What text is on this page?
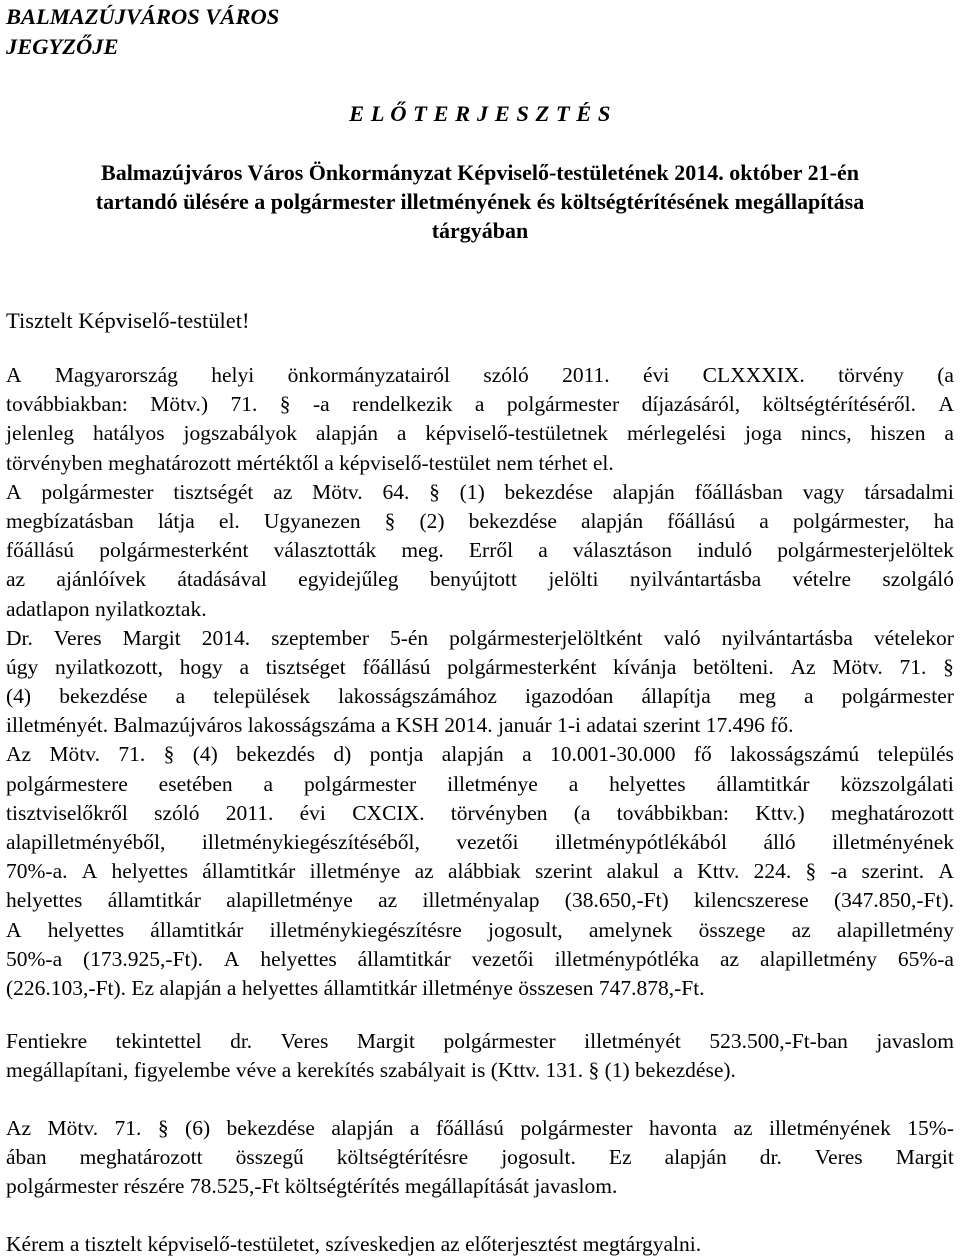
BALMAZÚJVÁROS VÁROS
JEGYZŐJE
E L Ő T E R J E S Z T É S
Balmazújváros Város Önkormányzat Képviselő-testületének 2014. október 21-én
tartandó ülésére a polgármester illetményének és költségtérítésének megállapítása
tárgyában
Tisztelt Képviselő-testület!
A Magyarország helyi önkormányzatairól szóló 2011. évi CLXXXIX. törvény (a
továbbiakban: Mötv.) 71. § -a rendelkezik a polgármester díjazásáról, költségtérítéséről. A
jelenleg hatályos jogszabályok alapján a képviselő-testületnek mérlegelési joga nincs, hiszen a
törvényben meghatározott mértéktől a képviselő-testület nem térhet el.
A polgármester tisztségét az Mötv. 64. § (1) bekezdése alapján főállásban vagy társadalmi
megbízatásban látja el. Ugyanezen § (2) bekezdése alapján főállású a polgármester, ha
főállású polgármesterként választották meg. Erről a választáson induló polgármesterjelöltek
az ajánlóívek átadásával egyidejűleg benyújtott jelölti nyilvántartásba vételre szolgáló
adatlapon nyilatkoztak.
Dr. Veres Margit 2014. szeptember 5-én polgármesterjelöltként való nyilvántartásba vételekor
úgy nyilatkozott, hogy a tisztséget főállású polgármesterként kívánja betölteni. Az Mötv. 71. §
(4) bekezdése a települések lakosságszámához igazodóan állapítja meg a polgármester
illetményét. Balmazújváros lakosságszáma a KSH 2014. január 1-i adatai szerint 17.496 fő.
Az Mötv. 71. § (4) bekezdés d) pontja alapján a 10.001-30.000 fő lakosságszámú település
polgármestere esetében a polgármester illetménye a helyettes államtitkár közszolgálati
tisztviselőkről szóló 2011. évi CXCIX. törvényben (a továbbikban: Kttv.) meghatározott
alapilletményéből, illetménykiegészítéséből, vezetői illetménypótlékából álló illetményének
70%-a. A helyettes államtitkár illetménye az alábbiak szerint alakul a Kttv. 224. § -a szerint. A
helyettes államtitkár alapilletménye az illetményalap (38.650,-Ft) kilencszerese (347.850,-Ft).
A helyettes államtitkár illetménykiegészítésre jogosult, amelynek összege az alapilletmény
50%-a (173.925,-Ft). A helyettes államtitkár vezetői illetménypótléka az alapilletmény 65%-a
(226.103,-Ft). Ez alapján a helyettes államtitkár illetménye összesen 747.878,-Ft.
Fentiekre tekintettel dr. Veres Margit polgármester illetményét 523.500,-Ft-ban javaslom
megállapítani, figyelembe véve a kerekítés szabályait is (Kttv. 131. § (1) bekezdése).
Az Mötv. 71. § (6) bekezdése alapján a főállású polgármester havonta az illetményének 15%-
ában meghatározott összegű költségtérítésre jogosult. Ez alapján dr. Veres Margit
polgármester részére 78.525,-Ft költségtérítés megállapítását javaslom.
Kérem a tisztelt képviselő-testületet, szíveskedjen az előterjesztést megtárgyalni.
